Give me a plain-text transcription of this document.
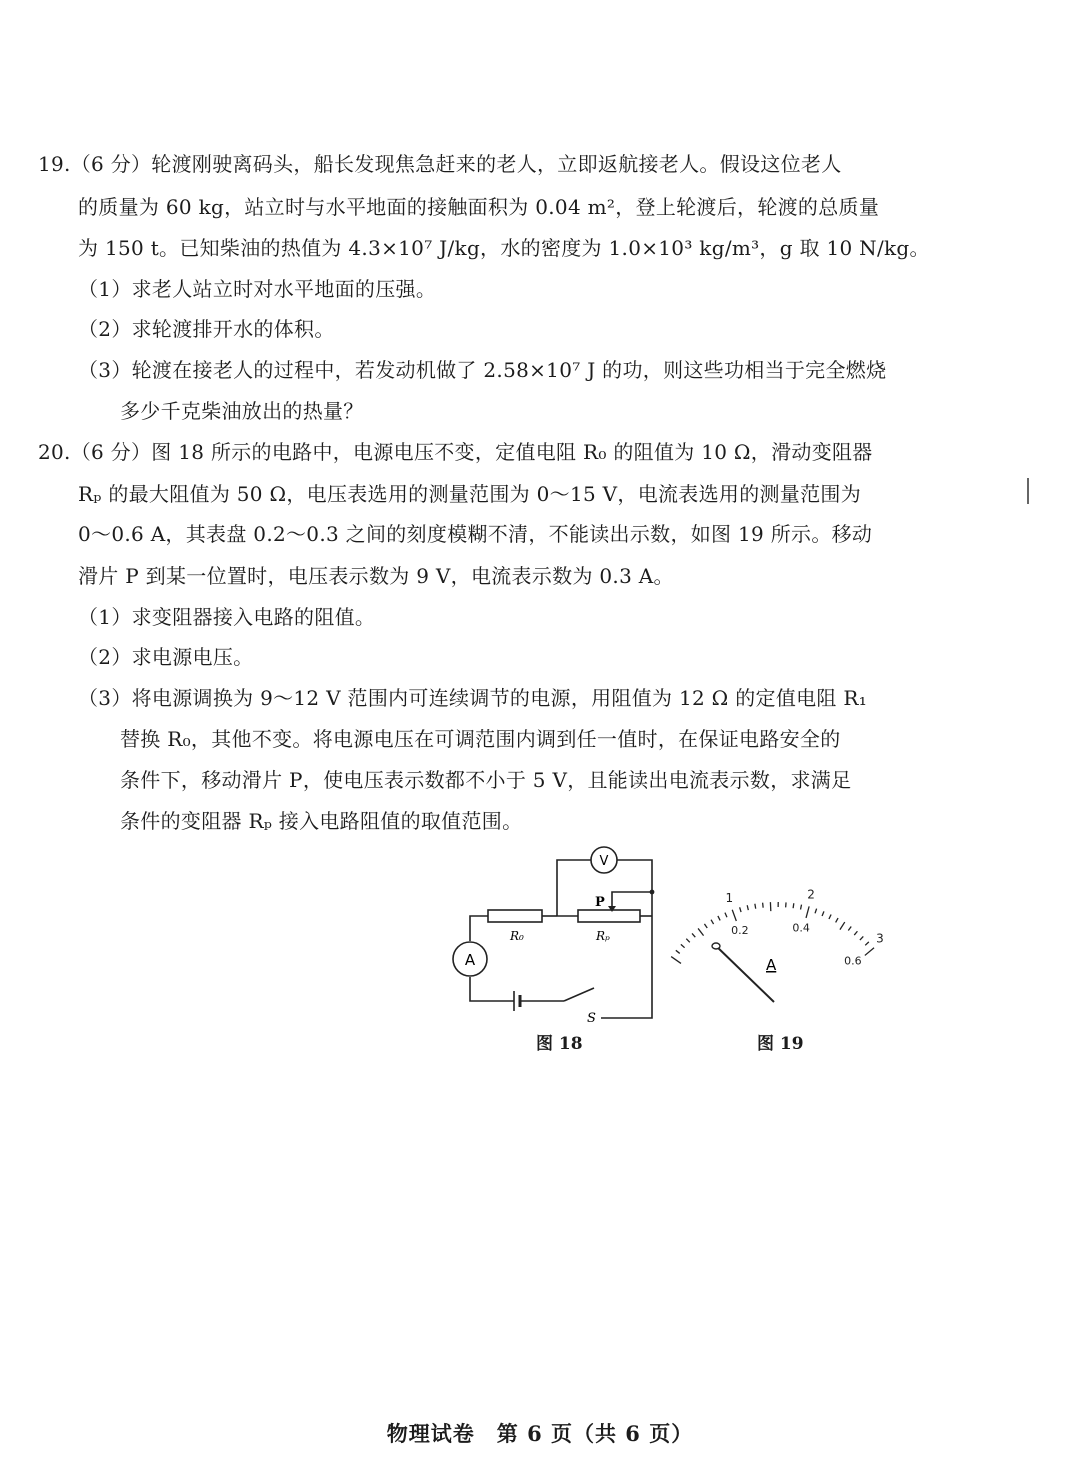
19.（6 分）轮渡刚驶离码头，船长发现焦急赶来的老人，立即返航接老人。假设这位老人
的质量为 60 kg，站立时与水平地面的接触面积为 0.04 m²，登上轮渡后，轮渡的总质量
为 150 t。已知柴油的热值为 4.3×10⁷ J/kg，水的密度为 1.0×10³ kg/m³，g 取 10 N/kg。
（1）求老人站立时对水平地面的压强。
（2）求轮渡排开水的体积。
（3）轮渡在接老人的过程中，若发动机做了 2.58×10⁷ J 的功，则这些功相当于完全燃烧
多少千克柴油放出的热量？
20.（6 分）图 18 所示的电路中，电源电压不变，定值电阻 R₀ 的阻值为 10 Ω，滑动变阻器
Rₚ 的最大阻值为 50 Ω，电压表选用的测量范围为 0～15 V，电流表选用的测量范围为
0～0.6 A，其表盘 0.2～0.3 之间的刻度模糊不清，不能读出示数，如图 19 所示。移动
滑片 P 到某一位置时，电压表示数为 9 V，电流表示数为 0.3 A。
（1）求变阻器接入电路的阻值。
（2）求电源电压。
（3）将电源调换为 9～12 V 范围内可连续调节的电源，用阻值为 12 Ω 的定值电阻 R₁
替换 R₀，其他不变。将电源电压在可调范围内调到任一值时，在保证电路安全的
条件下，移动滑片 P，使电压表示数都不小于 5 V，且能读出电流表示数，求满足
条件的变阻器 Rₚ 接入电路阻值的取值范围。
V
R₀
P
Rₚ
A
S
1
0.2
2
0.4
3
0.6
A
图 18	图 19
物理试卷　第 6 页（共 6 页）
